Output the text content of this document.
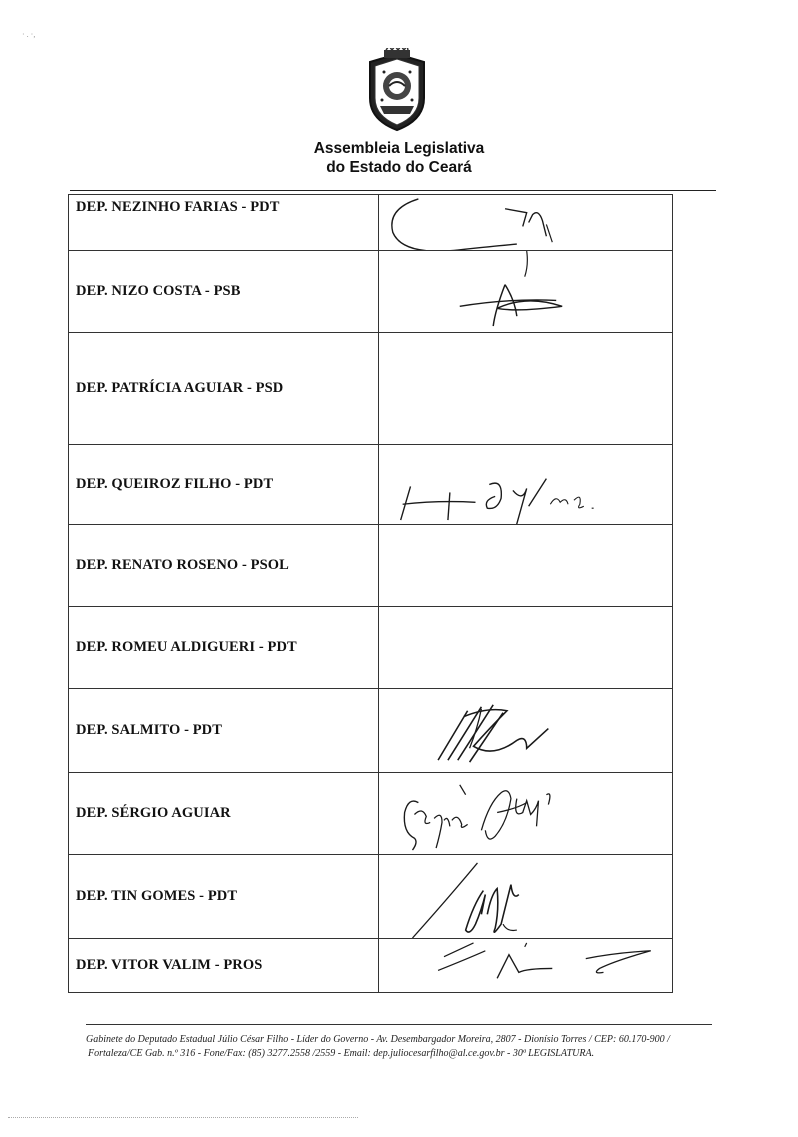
· . ·,
Assembleia Legislativa
do Estado do Ceará
DEP. NEZINHO FARIAS - PDT	

DEP. NIZO COSTA - PSB	

DEP. PATRÍCIA AGUIAR - PSD	
DEP. QUEIROZ FILHO - PDT	

DEP. RENATO ROSENO - PSOL	
DEP. ROMEU ALDIGUERI - PDT	
DEP. SALMITO - PDT	

DEP. SÉRGIO AGUIAR	

DEP. TIN GOMES - PDT	

DEP. VITOR VALIM - PROS	
Gabinete do Deputado Estadual Júlio César Filho - Líder do Governo - Av. Desembargador Moreira, 2807 - Dionísio Torres / CEP: 60.170-900 /
Fortaleza/CE Gab. n.º 316 - Fone/Fax: (85) 3277.2558 /2559 - Email: dep.juliocesarfilho@al.ce.gov.br - 30ª LEGISLATURA.
